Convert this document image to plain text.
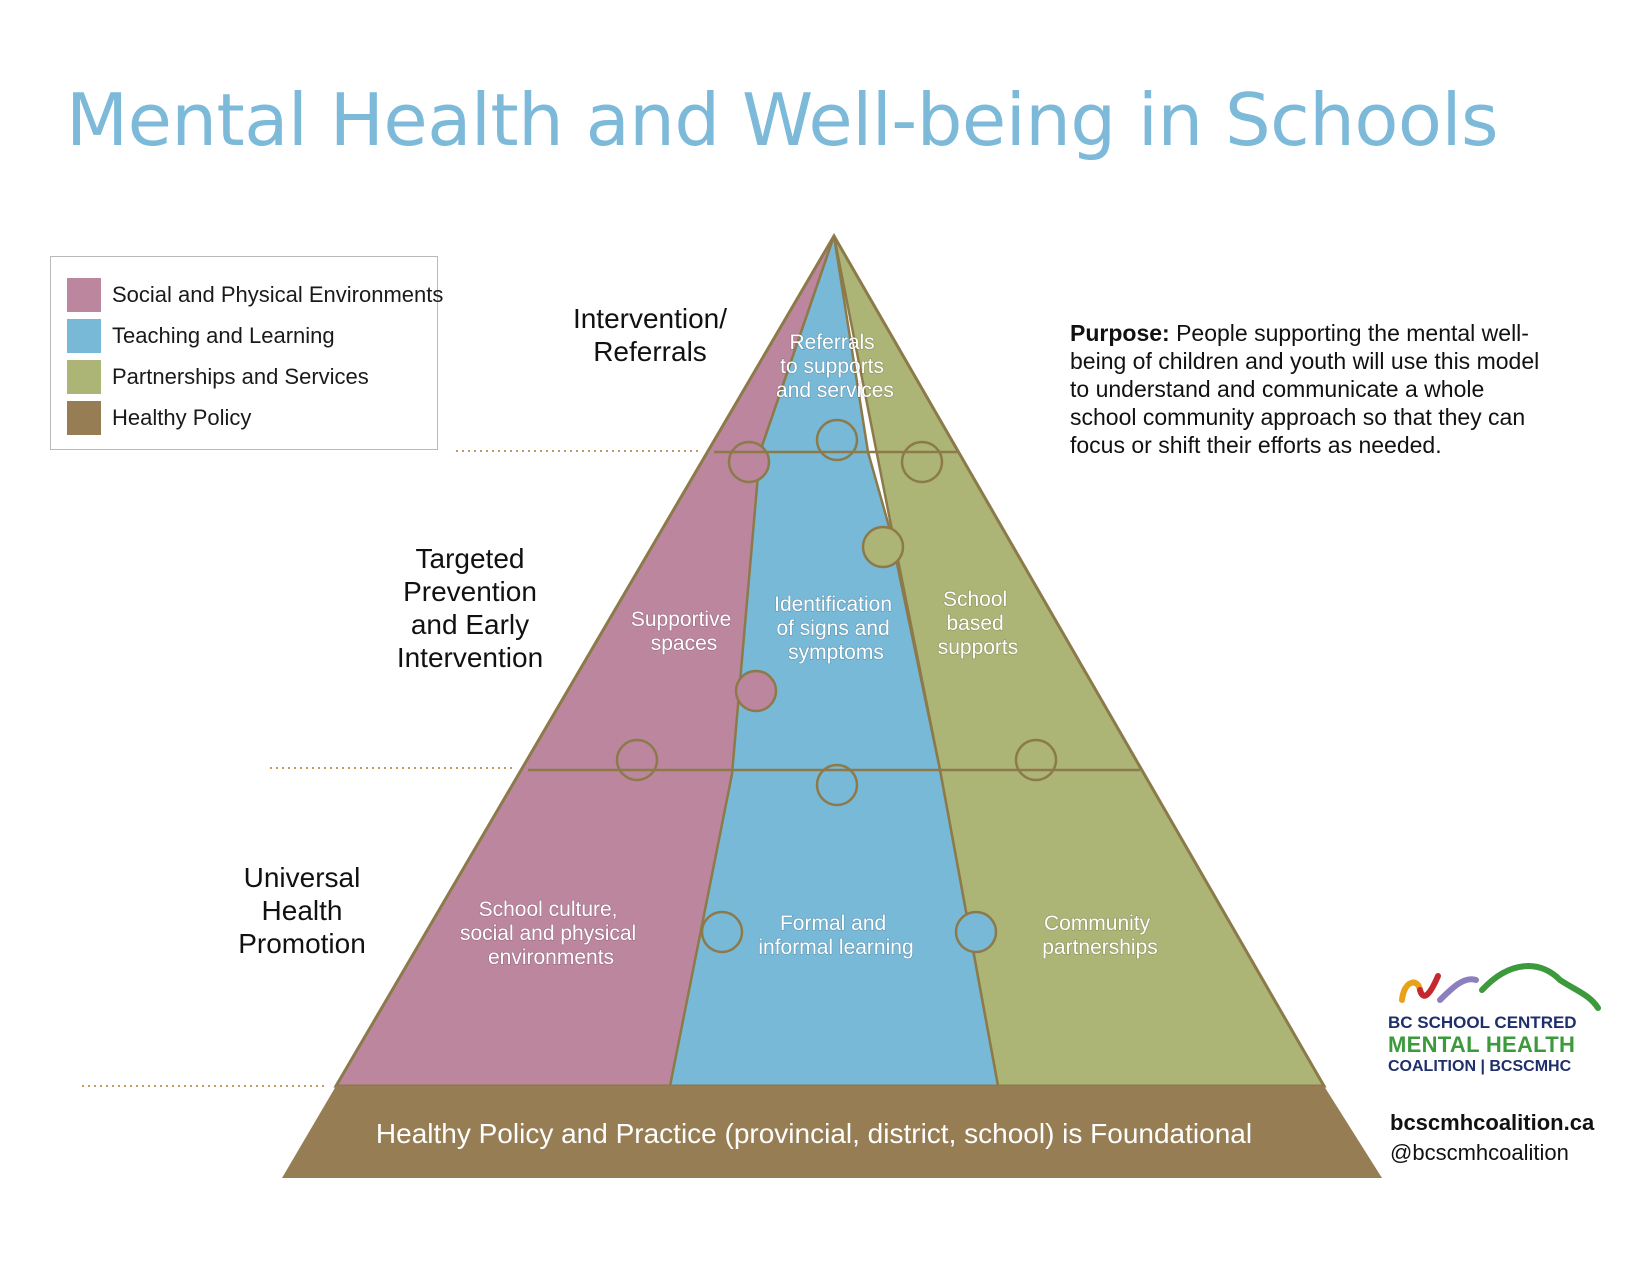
Mental Health and Well-being in Schools
Social and Physical Environments
Teaching and Learning
Partnerships and Services
Healthy Policy
Intervention/
Referrals
Targeted
Prevention
and Early
Intervention
Universal
Health
Promotion
Referrals to supports and services
Supportive spaces
Identification of signs and symptoms
School based supports
School culture, social and physical environments
Formal and informal learning
Community partnerships
Healthy Policy and Practice (provincial, district, school) is Foundational
Purpose: People supporting the mental well-being of children and youth will use this model to understand and communicate a whole school community approach so that they can focus or shift their efforts as needed.
BC SCHOOL CENTRED
MENTAL HEALTH
COALITION | BCSCMHC
bcscmhcoalition.ca
@bcscmhcoalition
